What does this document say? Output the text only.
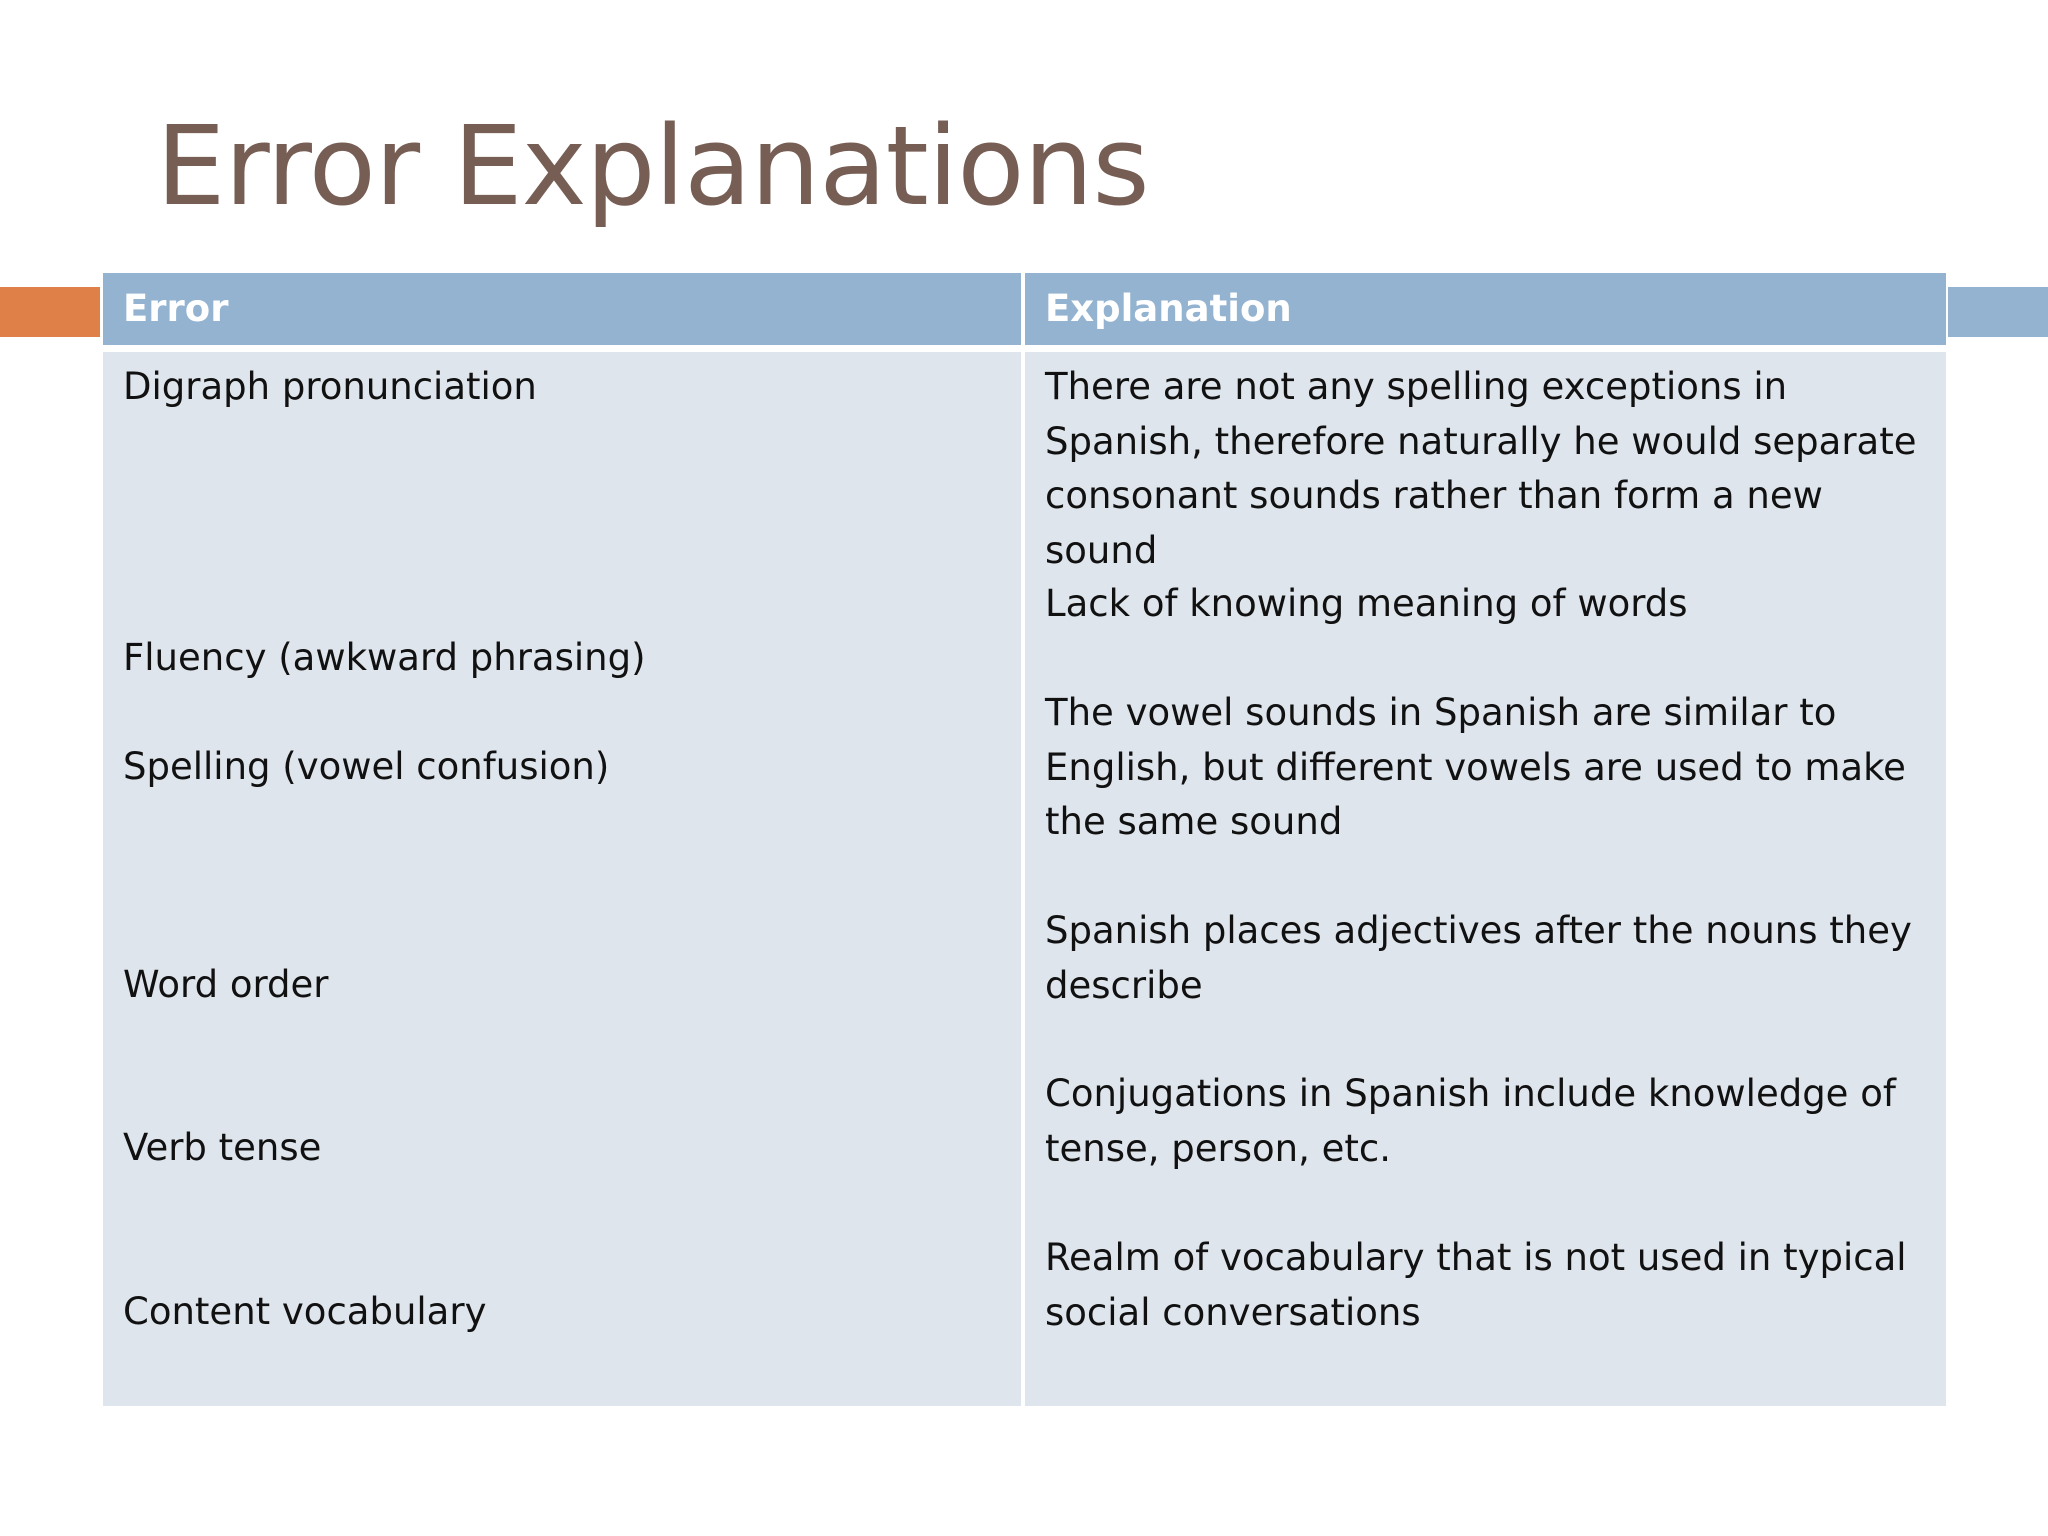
Error Explanations
Error

Digraph pronunciation

Fluency (awkward phrasing)

Spelling (vowel confusion)

Word order

Verb tense

Content vocabulary

Explanation

There are not any spelling exceptions in Spanish, therefore naturally he would separate consonant sounds rather than form a new sound

Lack of knowing meaning of words

The vowel sounds in Spanish are similar to English, but different vowels are used to make the same sound

Spanish places adjectives after the nouns they describe

Conjugations in Spanish include knowledge of tense, person, etc.

Realm of vocabulary that is not used in typical social conversations
